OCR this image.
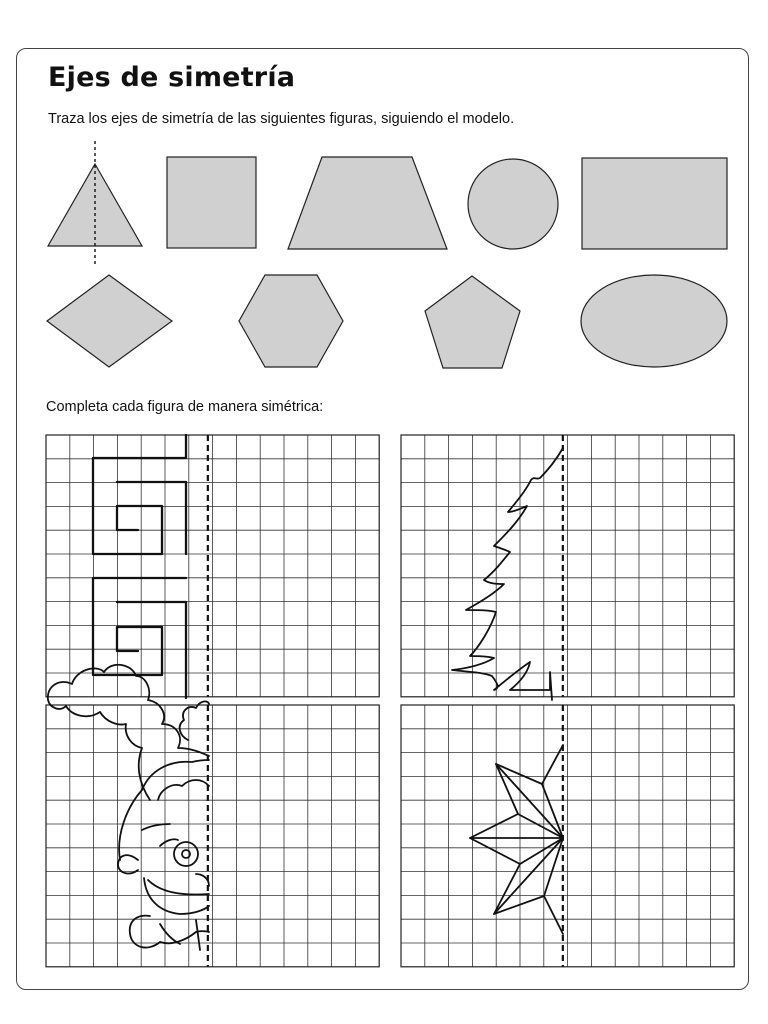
Ejes de simetría

Traza los ejes de simetría de las siguientes figuras, siguiendo el modelo.

Completa cada figura de manera simétrica:
